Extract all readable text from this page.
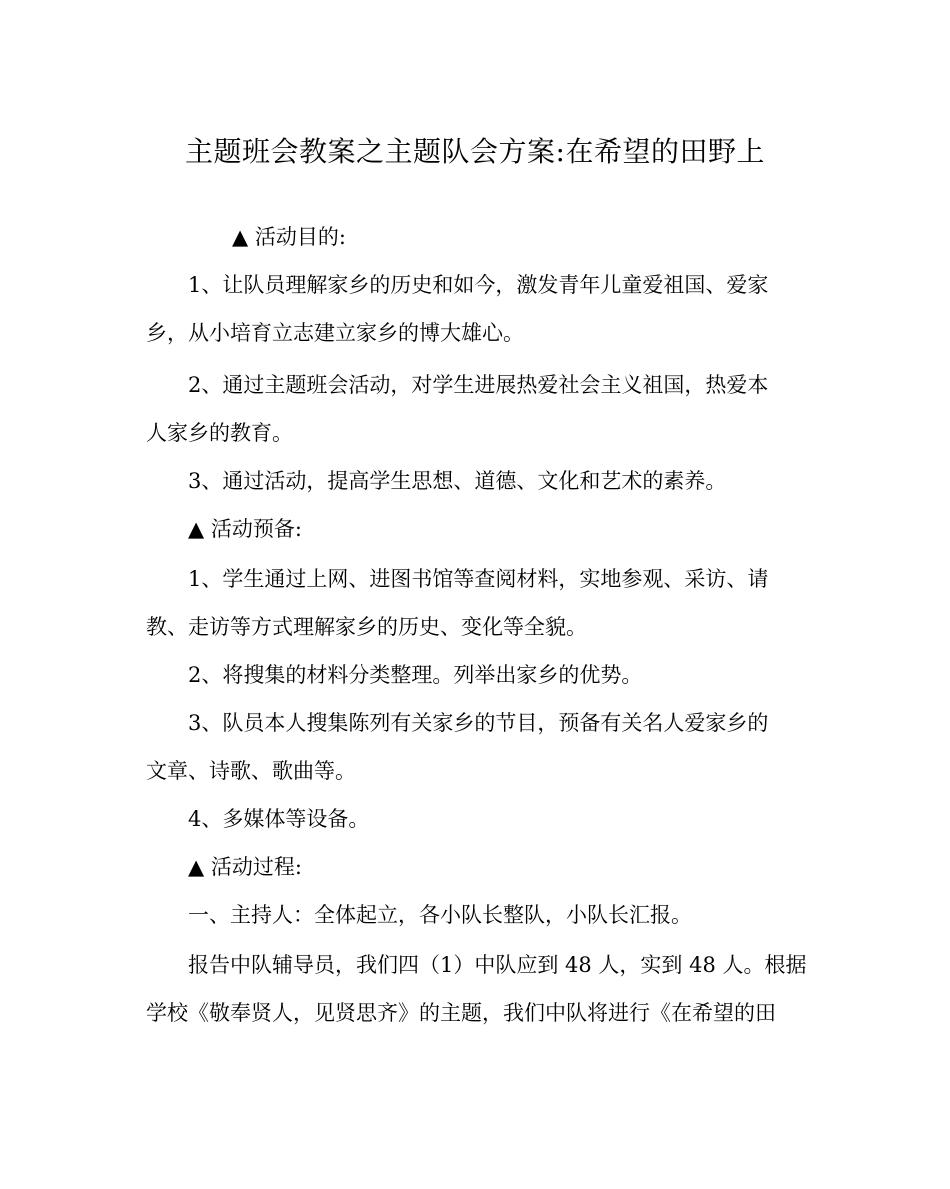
主题班会教案之主题队会方案:在希望的田野上
▲ 活动目的:
1、让队员理解家乡的历史和如今，激发青年儿童爱祖国、爱家
乡，从小培育立志建立家乡的博大雄心。
2、通过主题班会活动，对学生进展热爱社会主义祖国，热爱本
人家乡的教育。
3、通过活动，提高学生思想、道德、文化和艺术的素养。
▲ 活动预备:
1、学生通过上网、进图书馆等查阅材料，实地参观、采访、请
教、走访等方式理解家乡的历史、变化等全貌。
2、将搜集的材料分类整理。列举出家乡的优势。
3、队员本人搜集陈列有关家乡的节目，预备有关名人爱家乡的
文章、诗歌、歌曲等。
4、多媒体等设备。
▲ 活动过程:
一、主持人：全体起立，各小队长整队，小队长汇报。
报告中队辅导员，我们四（1）中队应到 48 人，实到 48 人。根据
学校《敬奉贤人，见贤思齐》的主题，我们中队将进行《在希望的田
